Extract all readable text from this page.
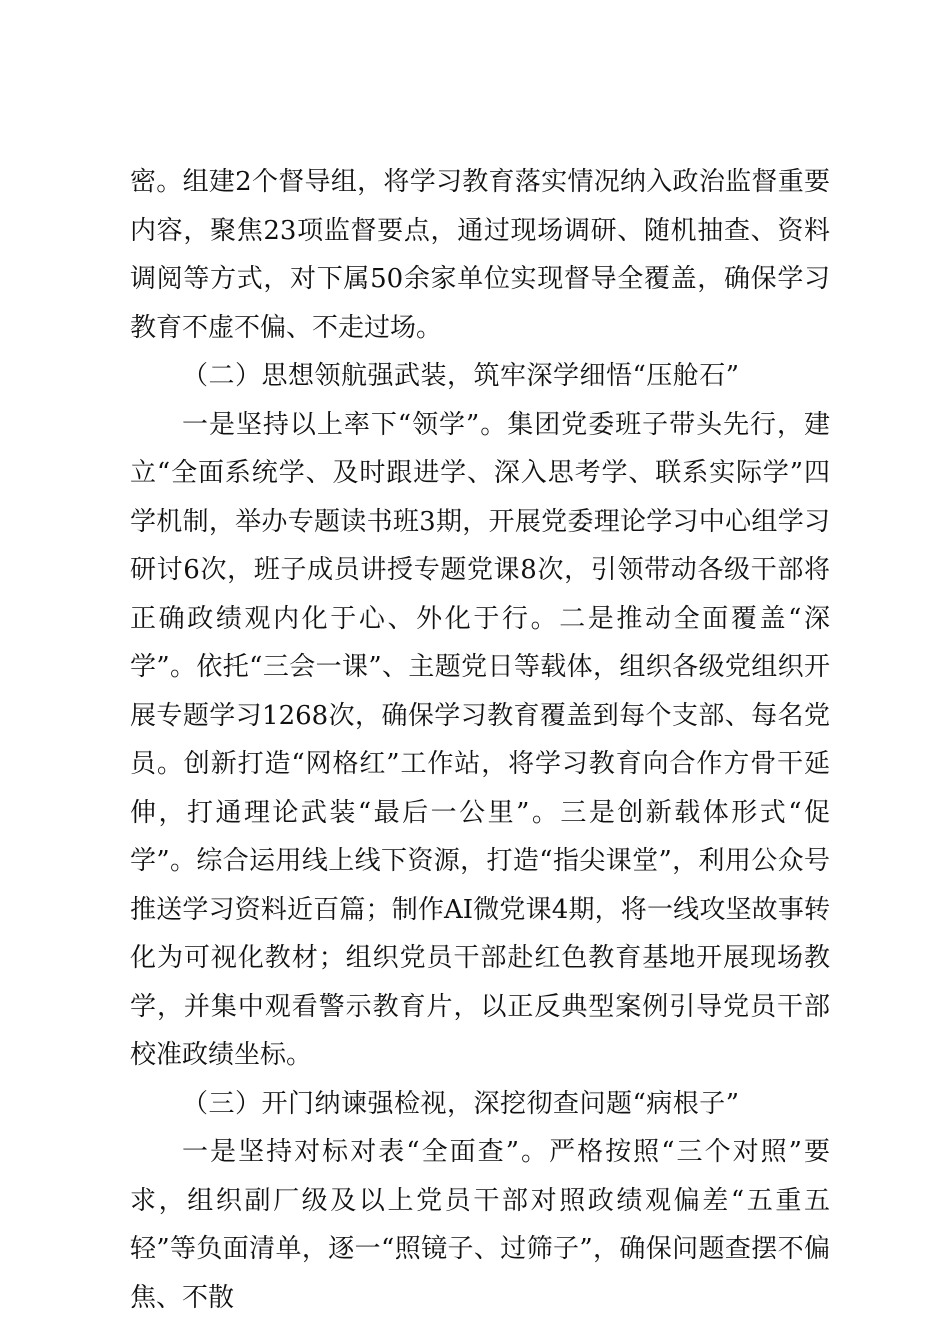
密。组建2个督导组，将学习教育落实情况纳入政治监督重要内容，聚焦23项监督要点，通过现场调研、随机抽查、资料调阅等方式，对下属50余家单位实现督导全覆盖，确保学习教育不虚不偏、不走过场。

（二）思想领航强武装，筑牢深学细悟“压舱石”

一是坚持以上率下“领学”。集团党委班子带头先行，建立“全面系统学、及时跟进学、深入思考学、联系实际学”四学机制，举办专题读书班3期，开展党委理论学习中心组学习研讨6次，班子成员讲授专题党课8次，引领带动各级干部将正确政绩观内化于心、外化于行。二是推动全面覆盖“深学”。依托“三会一课”、主题党日等载体，组织各级党组织开展专题学习1268次，确保学习教育覆盖到每个支部、每名党员。创新打造“网格红”工作站，将学习教育向合作方骨干延伸，打通理论武装“最后一公里”。三是创新载体形式“促学”。综合运用线上线下资源，打造“指尖课堂”，利用公众号推送学习资料近百篇；制作AI微党课4期，将一线攻坚故事转化为可视化教材；组织党员干部赴红色教育基地开展现场教学，并集中观看警示教育片，以正反典型案例引导党员干部校准政绩坐标。

（三）开门纳谏强检视，深挖彻查问题“病根子”

一是坚持对标对表“全面查”。严格按照“三个对照”要求，组织副厂级及以上党员干部对照政绩观偏差“五重五轻”等负面清单，逐一“照镜子、过筛子”，确保问题查摆不偏焦、不散
